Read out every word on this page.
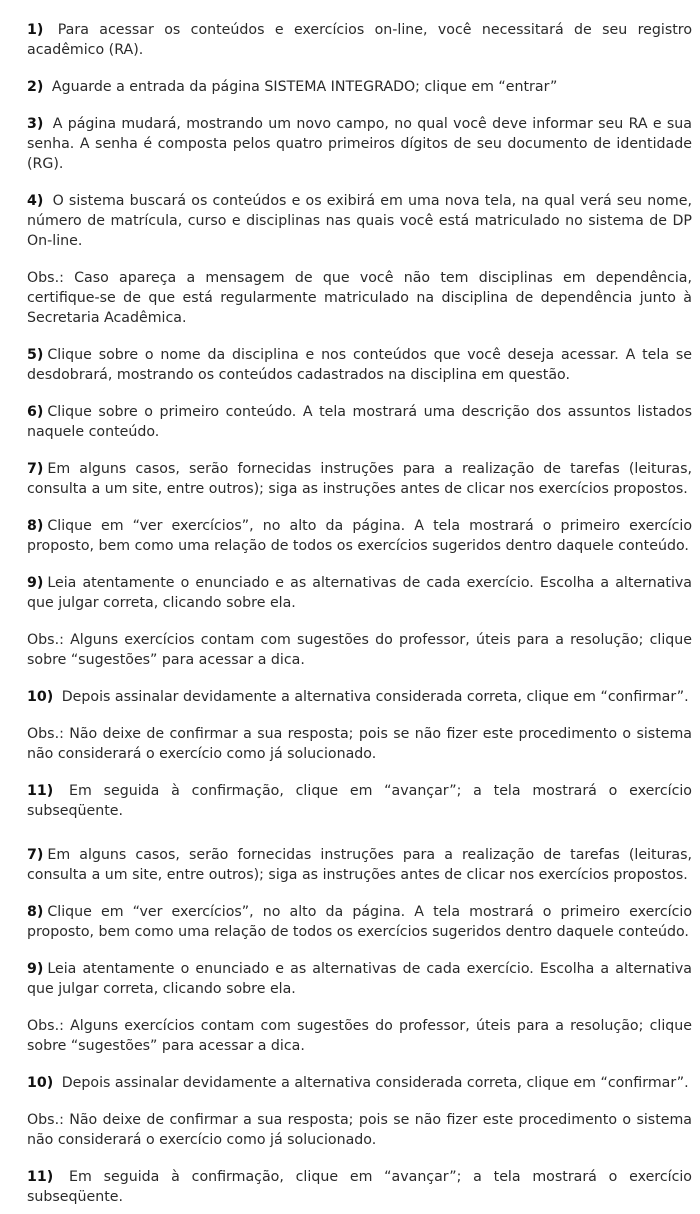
1) Para acessar os conteúdos e exercícios on-line, você necessitará de seu registro acadêmico (RA).

2) Aguarde a entrada da página SISTEMA INTEGRADO; clique em “entrar”

3) A página mudará, mostrando um novo campo, no qual você deve informar seu RA e sua senha. A senha é composta pelos quatro primeiros dígitos de seu documento de identidade (RG).

4) O sistema buscará os conteúdos e os exibirá em uma nova tela, na qual verá seu nome, número de matrícula, curso e disciplinas nas quais você está matriculado no sistema de DP On-line.

Obs.: Caso apareça a mensagem de que você não tem disciplinas em dependência, certifique-se de que está regularmente matriculado na disciplina de dependência junto à Secretaria Acadêmica.

5) Clique sobre o nome da disciplina e nos conteúdos que você deseja acessar. A tela se desdobrará, mostrando os conteúdos cadastrados na disciplina em questão.

6) Clique sobre o primeiro conteúdo. A tela mostrará uma descrição dos assuntos listados naquele conteúdo.

7) Em alguns casos, serão fornecidas instruções para a realização de tarefas (leituras, consulta a um site, entre outros); siga as instruções antes de clicar nos exercícios propostos.

8) Clique em “ver exercícios”, no alto da página. A tela mostrará o primeiro exercício proposto, bem como uma relação de todos os exercícios sugeridos dentro daquele conteúdo.

9) Leia atentamente o enunciado e as alternativas de cada exercício. Escolha a alternativa que julgar correta, clicando sobre ela.

Obs.: Alguns exercícios contam com sugestões do professor, úteis para a resolução; clique sobre “sugestões” para acessar a dica.

10) Depois assinalar devidamente a alternativa considerada correta, clique em “confirmar”.

Obs.: Não deixe de confirmar a sua resposta; pois se não fizer este procedimento o sistema não considerará o exercício como já solucionado.

11) Em seguida à confirmação, clique em “avançar”; a tela mostrará o exercício subseqüente.

7) Em alguns casos, serão fornecidas instruções para a realização de tarefas (leituras, consulta a um site, entre outros); siga as instruções antes de clicar nos exercícios propostos.

8) Clique em “ver exercícios”, no alto da página. A tela mostrará o primeiro exercício proposto, bem como uma relação de todos os exercícios sugeridos dentro daquele conteúdo.

9) Leia atentamente o enunciado e as alternativas de cada exercício. Escolha a alternativa que julgar correta, clicando sobre ela.

Obs.: Alguns exercícios contam com sugestões do professor, úteis para a resolução; clique sobre “sugestões” para acessar a dica.

10) Depois assinalar devidamente a alternativa considerada correta, clique em “confirmar”.

Obs.: Não deixe de confirmar a sua resposta; pois se não fizer este procedimento o sistema não considerará o exercício como já solucionado.

11) Em seguida à confirmação, clique em “avançar”; a tela mostrará o exercício subseqüente.
